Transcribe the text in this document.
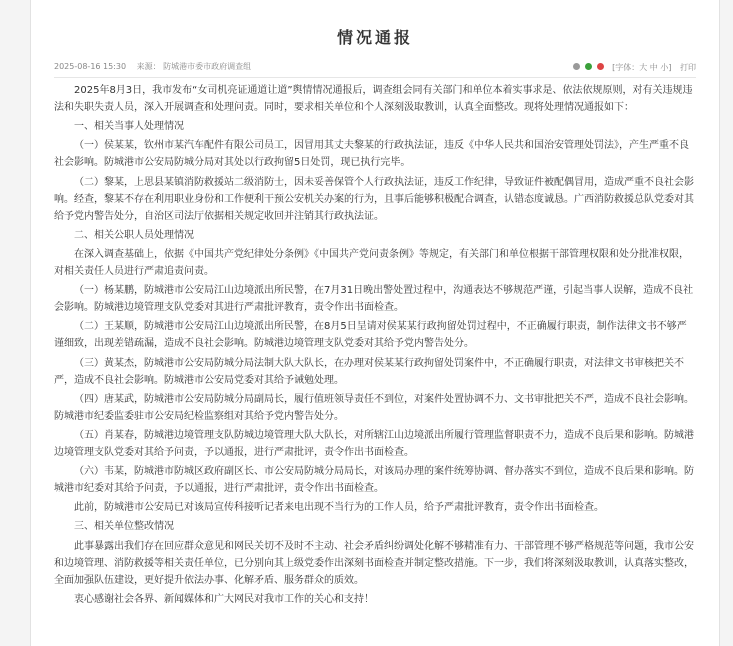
情况通报
2025-08-16 15:30 来源： 防城港市委市政府调查组	[字体：大 中 小] 打印

2025年8月3日，我市发布“女司机亮证通道让道”舆情情况通报后，调查组会同有关部门和单位本着实事求是、依法依规原则，对有关违规违法和失职失责人员，深入开展调查和处理问责。同时，要求相关单位和个人深刻汲取教训，认真全面整改。现将处理情况通报如下：

一、相关当事人处理情况

（一）侯某某，钦州市某汽车配件有限公司员工，因冒用其丈夫黎某的行政执法证，违反《中华人民共和国治安管理处罚法》，产生严重不良社会影响。防城港市公安局防城分局对其处以行政拘留5日处罚，现已执行完毕。

（二）黎某，上思县某镇消防救援站二级消防士，因未妥善保管个人行政执法证，违反工作纪律，导致证件被配偶冒用，造成严重不良社会影响。经查，黎某不存在利用职业身份和工作便利干预公安机关办案的行为，且事后能够积极配合调查，认错态度诚恳。广西消防救援总队党委对其给予党内警告处分，自治区司法厅依据相关规定收回并注销其行政执法证。

二、相关公职人员处理情况

在深入调查基础上，依据《中国共产党纪律处分条例》《中国共产党问责条例》等规定，有关部门和单位根据干部管理权限和处分批准权限，对相关责任人员进行严肃追责问责。

（一）杨某鹏，防城港市公安局江山边境派出所民警，在7月31日晚出警处置过程中，沟通表达不够规范严谨，引起当事人误解，造成不良社会影响。防城港边境管理支队党委对其进行严肃批评教育，责令作出书面检查。

（二）王某顺，防城港市公安局江山边境派出所民警，在8月5日呈请对侯某某行政拘留处罚过程中，不正确履行职责，制作法律文书不够严谨细致，出现差错疏漏，造成不良社会影响。防城港边境管理支队党委对其给予党内警告处分。

（三）黄某杰，防城港市公安局防城分局法制大队大队长，在办理对侯某某行政拘留处罚案件中，不正确履行职责，对法律文书审核把关不严，造成不良社会影响。防城港市公安局党委对其给予诫勉处理。

（四）唐某武，防城港市公安局防城分局副局长，履行值班领导责任不到位，对案件处置协调不力、文书审批把关不严，造成不良社会影响。防城港市纪委监委驻市公安局纪检监察组对其给予党内警告处分。

（五）肖某春，防城港边境管理支队防城边境管理大队大队长，对所辖江山边境派出所履行管理监督职责不力，造成不良后果和影响。防城港边境管理支队党委对其给予问责，予以通报，进行严肃批评，责令作出书面检查。

（六）韦某，防城港市防城区政府副区长、市公安局防城分局局长，对该局办理的案件统筹协调、督办落实不到位，造成不良后果和影响。防城港市纪委对其给予问责，予以通报，进行严肃批评，责令作出书面检查。

此前，防城港市公安局已对该局宣传科接听记者来电出现不当行为的工作人员，给予严肃批评教育，责令作出书面检查。

三、相关单位整改情况

此事暴露出我们存在回应群众意见和网民关切不及时不主动、社会矛盾纠纷调处化解不够精准有力、干部管理不够严格规范等问题，我市公安和边境管理、消防救援等相关责任单位，已分别向其上级党委作出深刻书面检查并制定整改措施。下一步，我们将深刻汲取教训，认真落实整改，全面加强队伍建设，更好提升依法办事、化解矛盾、服务群众的质效。

衷心感谢社会各界、新闻媒体和广大网民对我市工作的关心和支持！
